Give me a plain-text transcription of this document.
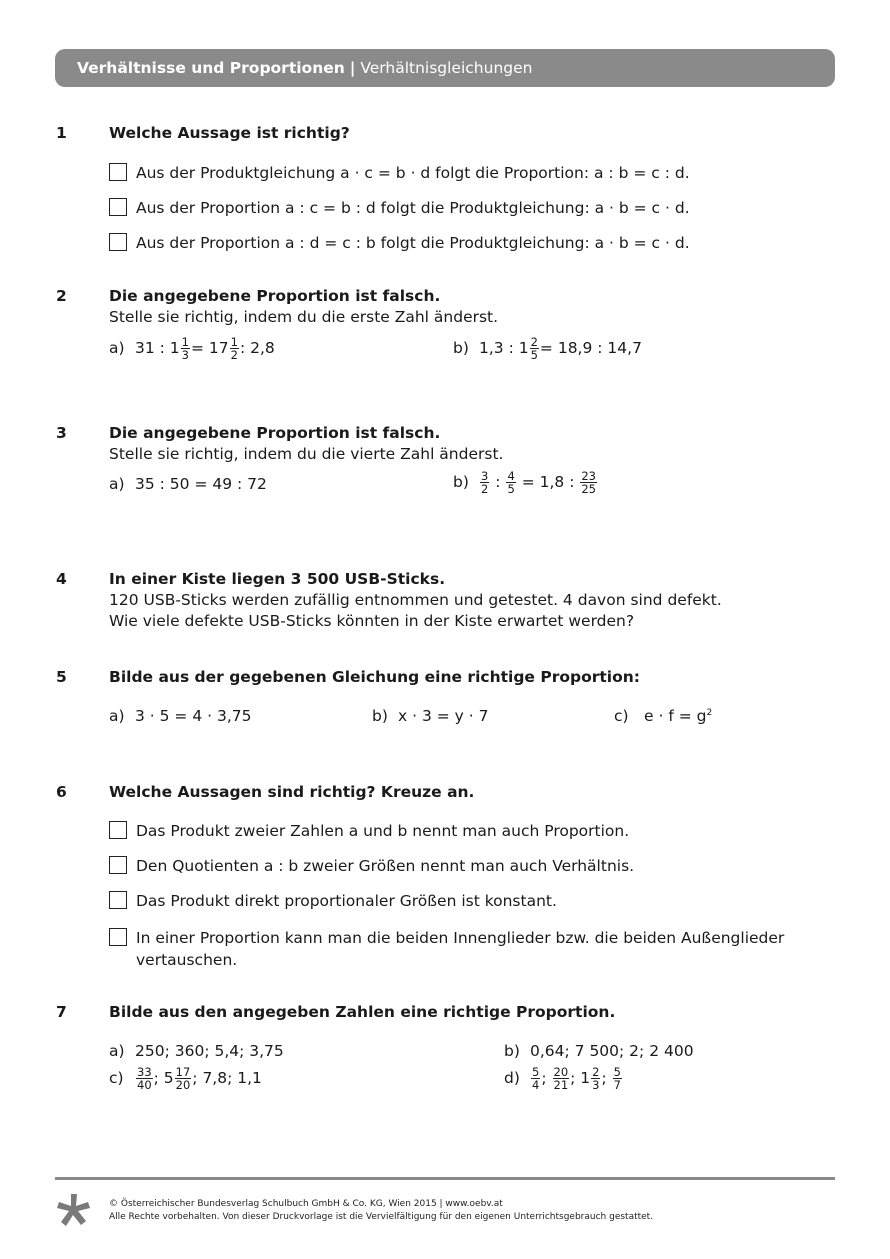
Verhältnisse und Proportionen | Verhältnisgleichungen
1	Welche Aussage ist richtig?
Aus der Produktgleichung a · c = b · d folgt die Proportion: a : b = c : d.
Aus der Proportion a : c = b : d folgt die Produktgleichung: a · b = c · d.
Aus der Proportion a : d = c : b folgt die Produktgleichung: a · b = c · d.
2	Die angegebene Proportion ist falsch.
Stelle sie richtig, indem du die erste Zahl änderst.
a) 31 : $1 \frac{1}{3} = 17 \frac{1}{2}$ : 2,8	b) 1,3 : $1 \frac{2}{5} = 18,9$ : 14,7
3	Die angegebene Proportion ist falsch.
Stelle sie richtig, indem du die vierte Zahl änderst.
a) 35 : 50 = 49 : 72	$b) \frac{3}{2}$ : $\frac{4}{5} = 1,8$ : $\frac{23}{25}$
4	In einer Kiste liegen 3 500 USB-Sticks.
120 USB-Sticks werden zufällig entnommen und getestet. 4 davon sind defekt.
Wie viele defekte USB-Sticks könnten in der Kiste erwartet werden?
5	Bilde aus der gegebenen Gleichung eine richtige Proportion:
a) 3 · 5 = 4 · 3,75	b) x · 3 = y · 7	c) $e \cdot f = g^2$
6	Welche Aussagen sind richtig? Kreuze an.
Das Produkt zweier Zahlen a und b nennt man auch Proportion.
Den Quotienten a : b zweier Größen nennt man auch Verhältnis.
Das Produkt direkt proportionaler Größen ist konstant.
In einer Proportion kann man die beiden Innenglieder bzw. die beiden Außenglieder
vertauschen.
7	Bilde aus den angegeben Zahlen eine richtige Proportion.
a) 250; 360; 5,4; 3,75	b) 0,64; 7 500; 2; 2 400
$c) \frac{33}{40}$ ; $5 \frac{17}{20}$ ; 7,8; 1,1	$d) \frac{5}{4}$ ; $\frac{20}{21}$ ; $1 \frac{2}{3}$ ; $\frac{5}{7}$
© Österreichischer Bundesverlag Schulbuch GmbH & Co. KG, Wien 2015 | www.oebv.at
Alle Rechte vorbehalten. Von dieser Druckvorlage ist die Vervielfältigung für den eigenen Unterrichtsgebrauch gestattet.
